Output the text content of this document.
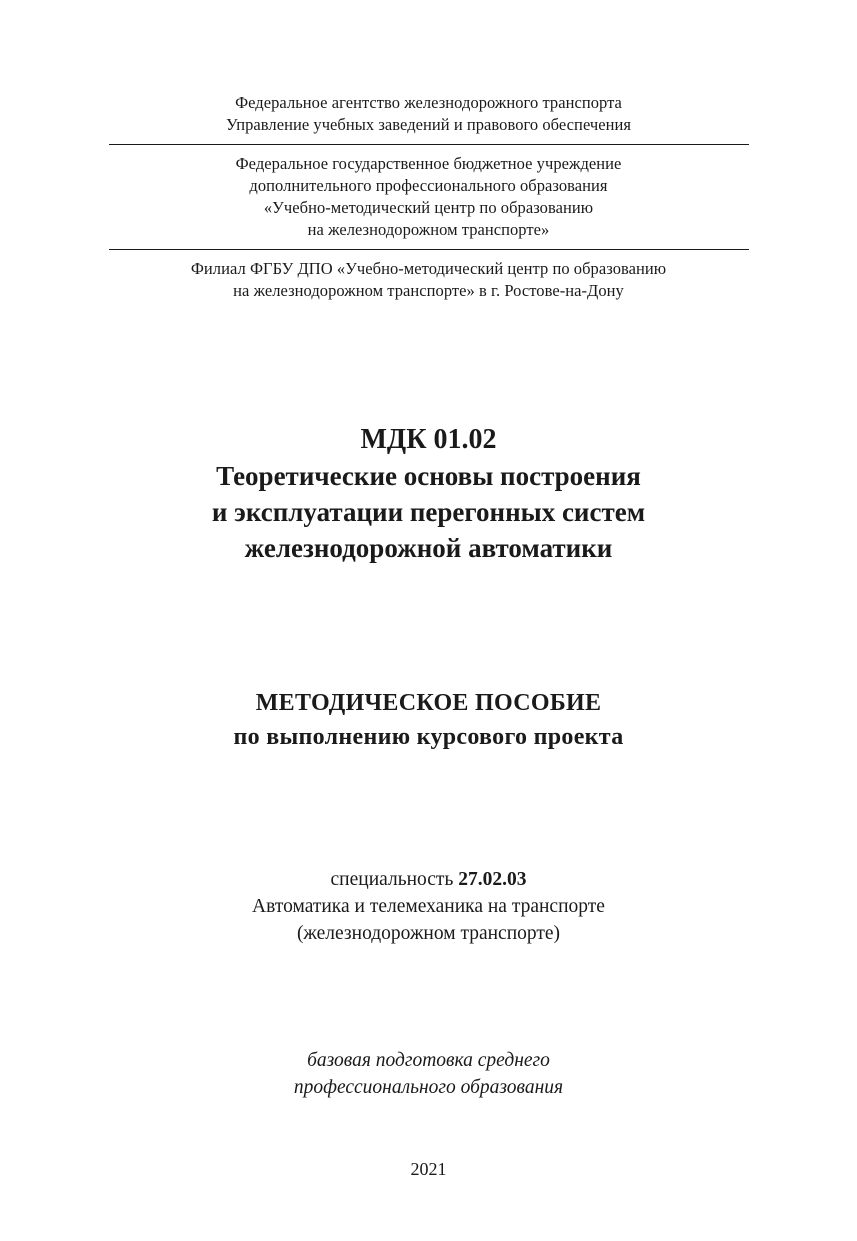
Федеральное агентство железнодорожного транспорта
Управление учебных заведений и правового обеспечения
Федеральное государственное бюджетное учреждение
дополнительного профессионального образования
«Учебно-методический центр по образованию
на железнодорожном транспорте»
Филиал ФГБУ ДПО «Учебно-методический центр по образованию
на железнодорожном транспорте» в г. Ростове-на-Дону
МДК 01.02
Теоретические основы построения
и эксплуатации перегонных систем
железнодорожной автоматики
МЕТОДИЧЕСКОЕ ПОСОБИЕ
по выполнению курсового проекта
специальность 27.02.03
Автоматика и телемеханика на транспорте
(железнодорожном транспорте)
базовая подготовка среднего
профессионального образования
2021
